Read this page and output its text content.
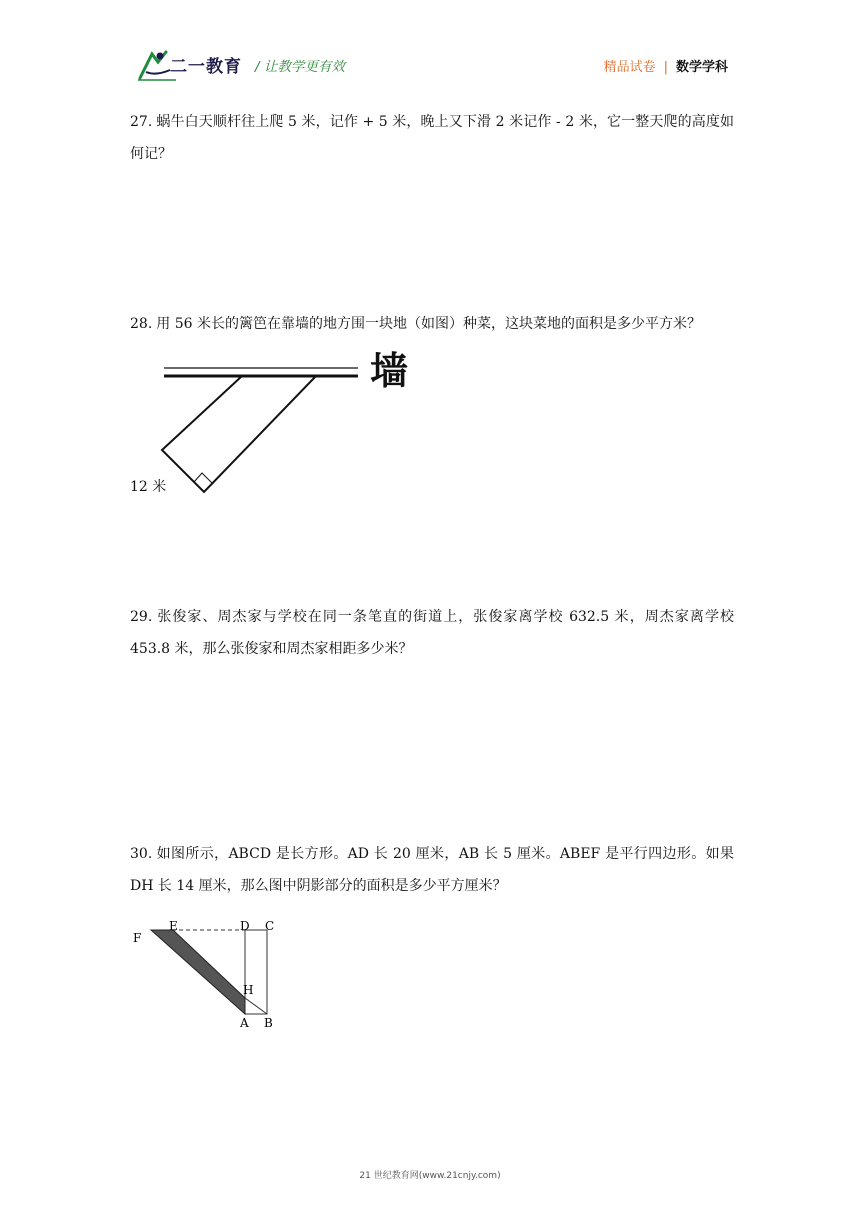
二一教育 / 让教学更有效	精品试卷 | 数学学科
27. 蜗牛白天顺杆往上爬 5 米，记作 + 5 米，晚上又下滑 2 米记作 - 2 米，它一整天爬的高度如何记？
28. 用 56 米长的篱笆在靠墙的地方围一块地（如图）种菜，这块菜地的面积是多少平方米？
墙
12 米
29. 张俊家、周杰家与学校在同一条笔直的街道上，张俊家离学校 632.5 米，周杰家离学校 453.8 米，那么张俊家和周杰家相距多少米？
30. 如图所示，ABCD 是长方形。AD 长 20 厘米，AB 长 5 厘米。ABEF 是平行四边形。如果 DH 长 14 厘米，那么图中阴影部分的面积是多少平方厘米？
F
E	D C
H
A B
21 世纪教育网(www.21cnjy.com)
